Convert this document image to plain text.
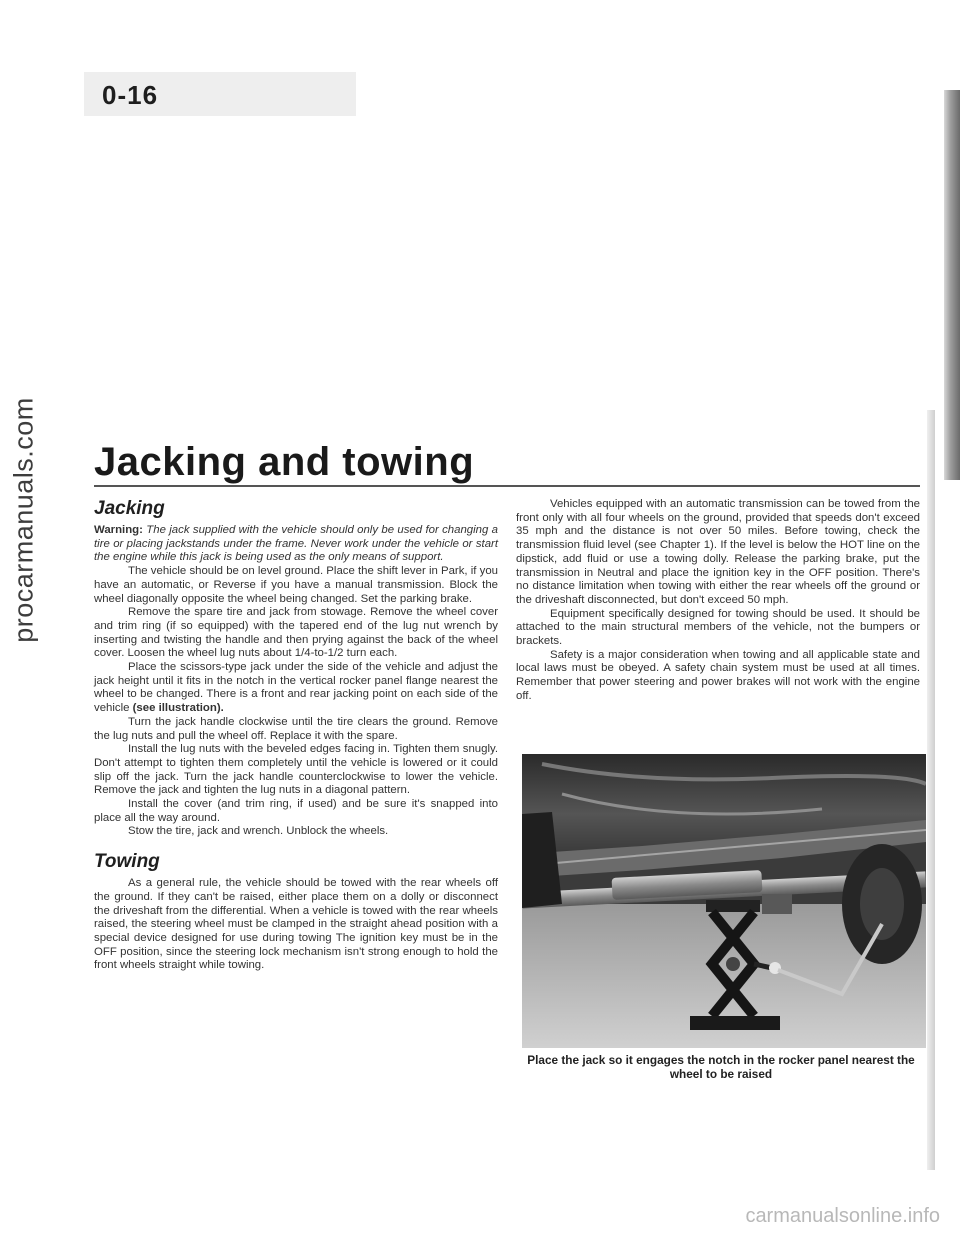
0-16
procarmanuals.com
carmanualsonline.info
Jacking and towing
Jacking

Warning: The jack supplied with the vehicle should only be used for changing a tire or placing jackstands under the frame. Never work under the vehicle or start the engine while this jack is being used as the only means of support.

The vehicle should be on level ground. Place the shift lever in Park, if you have an automatic, or Reverse if you have a manual transmission. Block the wheel diagonally opposite the wheel being changed. Set the parking brake.

Remove the spare tire and jack from stowage. Remove the wheel cover and trim ring (if so equipped) with the tapered end of the lug nut wrench by inserting and twisting the handle and then prying against the back of the wheel cover. Loosen the wheel lug nuts about 1/4-to-1/2 turn each.

Place the scissors-type jack under the side of the vehicle and adjust the jack height until it fits in the notch in the vertical rocker panel flange nearest the wheel to be changed. There is a front and rear jacking point on each side of the vehicle (see illustration).

Turn the jack handle clockwise until the tire clears the ground. Remove the lug nuts and pull the wheel off. Replace it with the spare.

Install the lug nuts with the beveled edges facing in. Tighten them snugly. Don't attempt to tighten them completely until the vehicle is lowered or it could slip off the jack. Turn the jack handle counterclockwise to lower the vehicle. Remove the jack and tighten the lug nuts in a diagonal pattern.

Install the cover (and trim ring, if used) and be sure it's snapped into place all the way around.

Stow the tire, jack and wrench. Unblock the wheels.

Towing

As a general rule, the vehicle should be towed with the rear wheels off the ground. If they can't be raised, either place them on a dolly or disconnect the driveshaft from the differential. When a vehicle is towed with the rear wheels raised, the steering wheel must be clamped in the straight ahead position with a special device designed for use during towing The ignition key must be in the OFF position, since the steering lock mechanism isn't strong enough to hold the front wheels straight while towing.

Vehicles equipped with an automatic transmission can be towed from the front only with all four wheels on the ground, provided that speeds don't exceed 35 mph and the distance is not over 50 miles. Before towing, check the transmission fluid level (see Chapter 1). If the level is below the HOT line on the dipstick, add fluid or use a towing dolly. Release the parking brake, put the transmission in Neutral and place the ignition key in the OFF position. There's no distance limitation when towing with either the rear wheels off the ground or the driveshaft disconnected, but don't exceed 50 mph.

Equipment specifically designed for towing should be used. It should be attached to the main structural members of the vehicle, not the bumpers or brackets.

Safety is a major consideration when towing and all applicable state and local laws must be obeyed. A safety chain system must be used at all times. Remember that power steering and power brakes will not work with the engine off.

Place the jack so it engages the notch in the rocker panel nearest the wheel to be raised
